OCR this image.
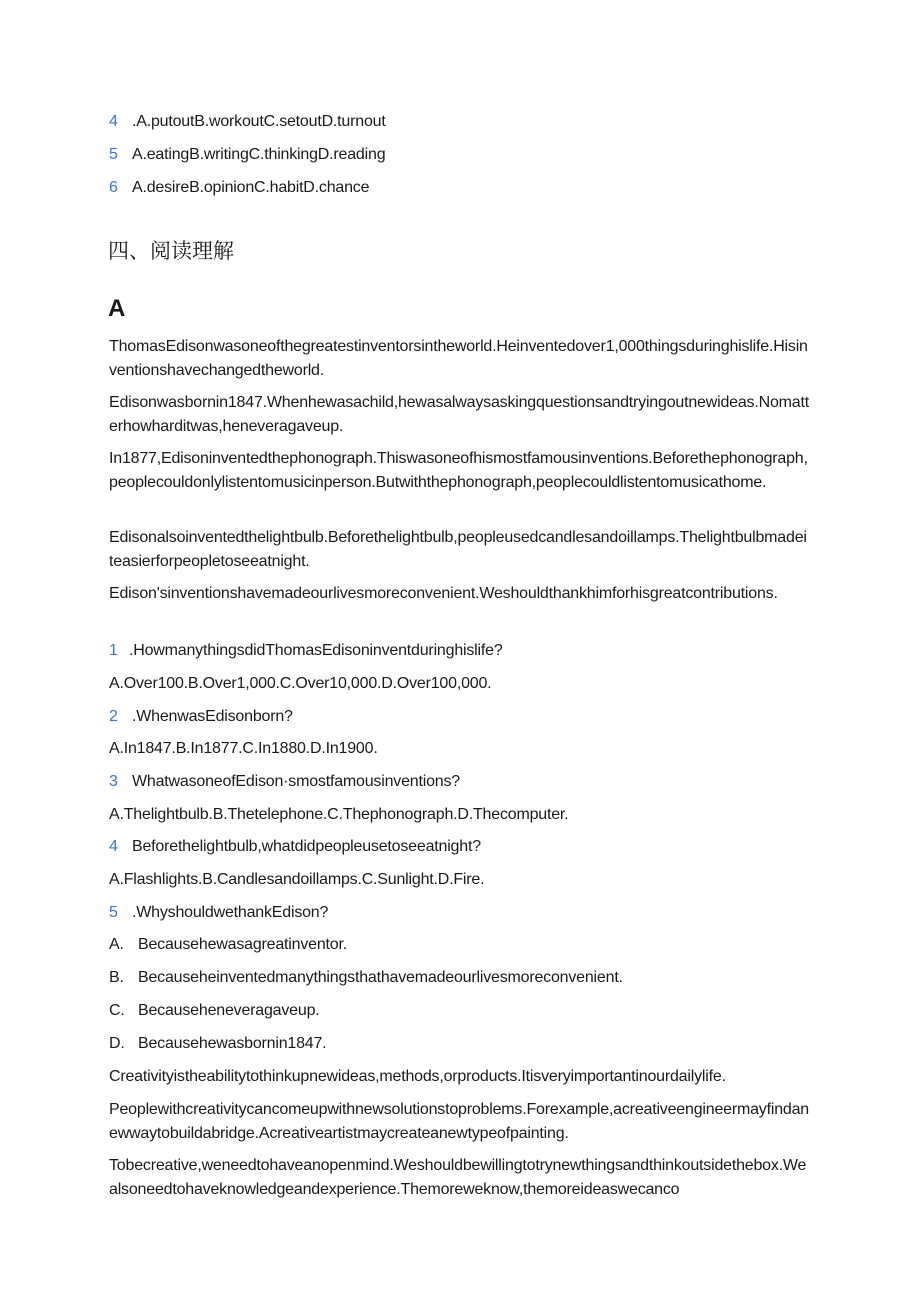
4 .A.putoutB.workoutC.setoutD.turnout
5 A.eatingB.writingC.thinkingD.reading
6 A.desireB.opinionC.habitD.chance
四、阅读理解
A
ThomasEdisonwasoneofthegreatestinventorsintheworld.Heinventedover1,000thingsduringhislife.Hisinventionshavechangedtheworld.
Edisonwasbornin1847.Whenhewasachild,hewasalwaysaskingquestionsandtryingoutnewideas.Nomatterhowharditwas,heneveragaveup.
In1877,Edisoninventedthephonograph.Thiswasoneofhismostfamousinventions.Beforethephonograph,peoplecouldonlylistentomusicinperson.Butwiththephonograph,peoplecouldlistentomusicathome.
Edisonalsoinventedthelightbulb.Beforethelightbulb,peopleusedcandlesandoillamps.Thelightbulbmadeiteasierforpeopletoseeatnight.
Edison'sinventionshavemadeourlivesmoreconvenient.Weshouldthankhimforhisgreatcontributions.
1 .HowmanythingsdidThomasEdisoninventduringhislife?
A.Over100.B.Over1,000.C.Over10,000.D.Over100,000.
2 .WhenwasEdisonborn?
A.In1847.B.In1877.C.In1880.D.In1900.
3 WhatwasoneofEdison·smostfamousinventions?
A.Thelightbulb.B.Thetelephone.C.Thephonograph.D.Thecomputer.
4 Beforethelightbulb,whatdidpeopleusetoseeatnight?
A.Flashlights.B.Candlesandoillamps.C.Sunlight.D.Fire.
5 .WhyshouldwethankEdison?
A. Becausehewasagreatinventor.
B. Becauseheinventedmanythingsthathavemadeourlivesmoreconvenient.
C. Becauseheneveragaveup.
D. Becausehewasbornin1847.
Creativityistheabilitytothinkupnewideas,methods,orproducts.Itisveryimportantinourdailylife.
Peoplewithcreativitycancomeupwithnewsolutionstoproblems.Forexample,acreativeengineermayfindanewwaytobuildabridge.Acreativeartistmaycreateanewtypeofpainting.
Tobecreative,weneedtohaveanopenmind.Weshouldbewillingtotrynewthingsandthinkoutsidethebox.Wealsoneedtohaveknowledgeandexperience.Themoreweknow,themoreideaswecanco
